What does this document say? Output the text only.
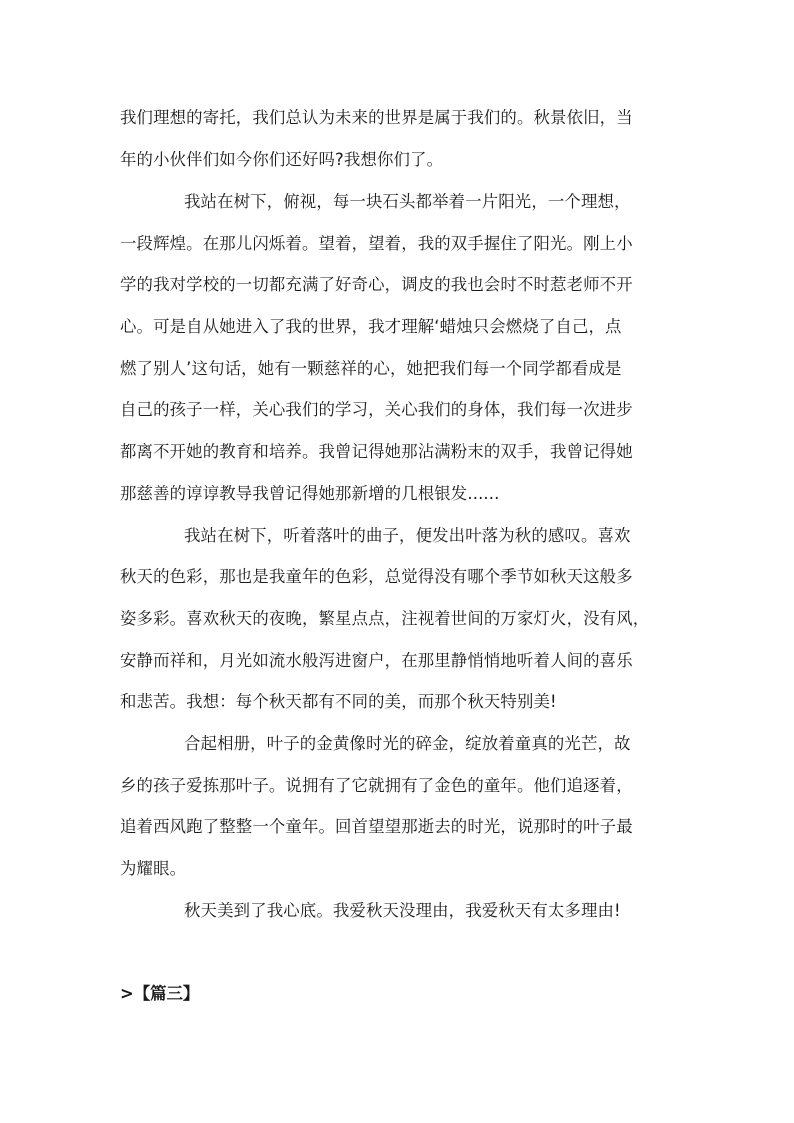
我们理想的寄托，我们总认为未来的世界是属于我们的。秋景依旧，当
年的小伙伴们如今你们还好吗?我想你们了。
我站在树下，俯视，每一块石头都举着一片阳光，一个理想，
一段辉煌。在那儿闪烁着。望着，望着，我的双手握住了阳光。刚上小
学的我对学校的一切都充满了好奇心，调皮的我也会时不时惹老师不开
心。可是自从她进入了我的世界，我才理解‘蜡烛只会燃烧了自己，点
燃了别人’这句话，她有一颗慈祥的心，她把我们每一个同学都看成是
自己的孩子一样，关心我们的学习，关心我们的身体，我们每一次进步
都离不开她的教育和培养。我曾记得她那沾满粉末的双手，我曾记得她
那慈善的谆谆教导我曾记得她那新增的几根银发......
我站在树下，听着落叶的曲子，便发出叶落为秋的感叹。喜欢
秋天的色彩，那也是我童年的色彩，总觉得没有哪个季节如秋天这般多
姿多彩。喜欢秋天的夜晚，繁星点点，注视着世间的万家灯火，没有风，
安静而祥和，月光如流水般泻进窗户，在那里静悄悄地听着人间的喜乐
和悲苦。我想：每个秋天都有不同的美，而那个秋天特别美!
合起相册，叶子的金黄像时光的碎金，绽放着童真的光芒，故
乡的孩子爱拣那叶子。说拥有了它就拥有了金色的童年。他们追逐着，
追着西风跑了整整一个童年。回首望望那逝去的时光，说那时的叶子最
为耀眼。
秋天美到了我心底。我爱秋天没理由，我爱秋天有太多理由!
>【篇三】
